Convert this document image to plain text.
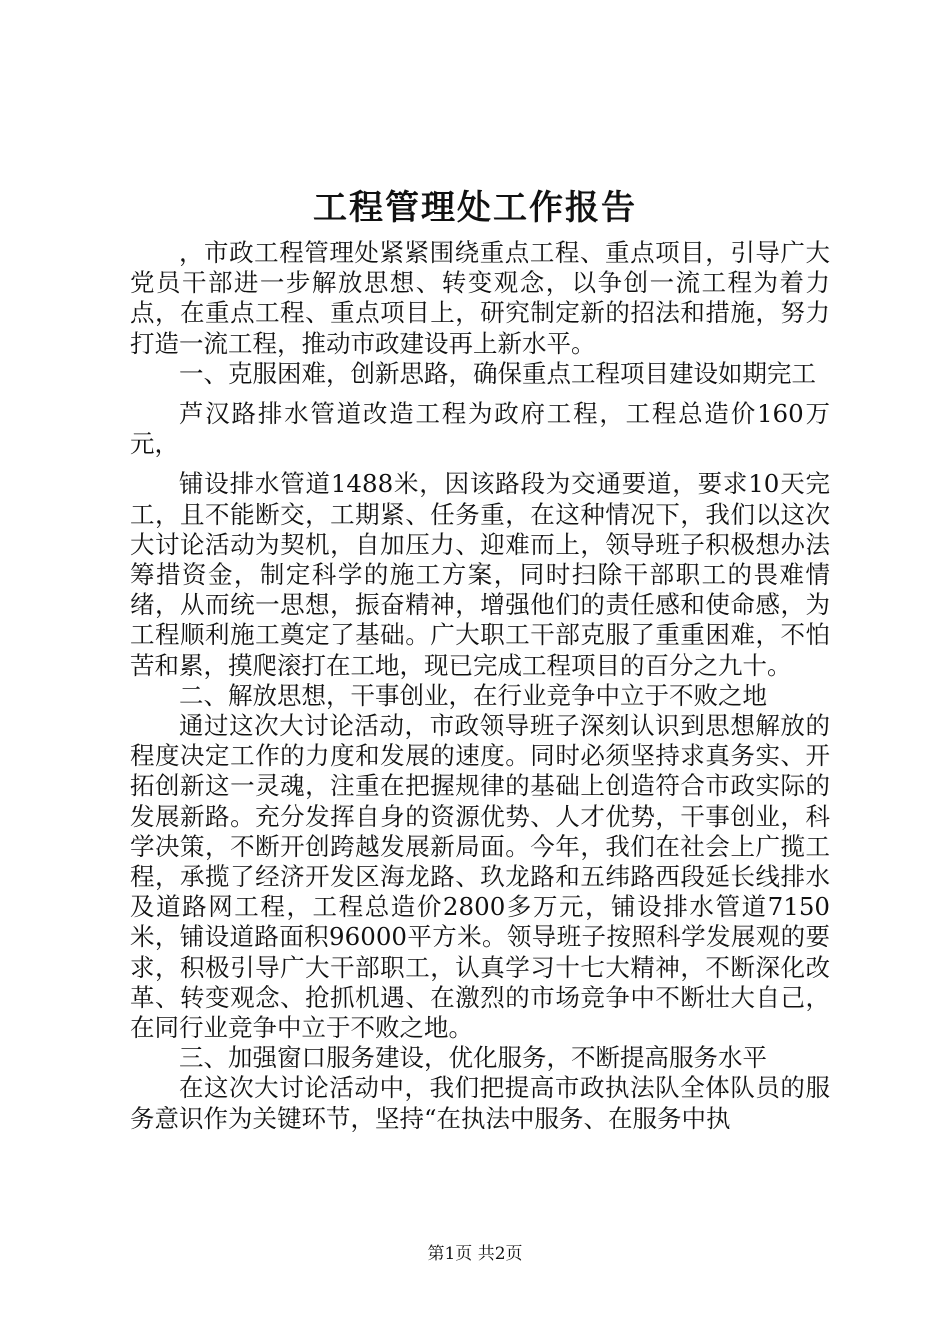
工程管理处工作报告

，市政工程管理处紧紧围绕重点工程、重点项目，引导广大党员干部进一步解放思想、转变观念，以争创一流工程为着力点，在重点工程、重点项目上，研究制定新的招法和措施，努力打造一流工程，推动市政建设再上新水平。

一、克服困难，创新思路，确保重点工程项目建设如期完工

芦汉路排水管道改造工程为政府工程，工程总造价160万元，

铺设排水管道1488米，因该路段为交通要道，要求10天完工，且不能断交，工期紧、任务重，在这种情况下，我们以这次大讨论活动为契机，自加压力、迎难而上，领导班子积极想办法筹措资金，制定科学的施工方案，同时扫除干部职工的畏难情绪，从而统一思想，振奋精神，增强他们的责任感和使命感，为工程顺利施工奠定了基础。广大职工干部克服了重重困难，不怕苦和累，摸爬滚打在工地，现已完成工程项目的百分之九十。

二、解放思想，干事创业，在行业竞争中立于不败之地

通过这次大讨论活动，市政领导班子深刻认识到思想解放的程度决定工作的力度和发展的速度。同时必须坚持求真务实、开拓创新这一灵魂，注重在把握规律的基础上创造符合市政实际的发展新路。充分发挥自身的资源优势、人才优势，干事创业，科学决策，不断开创跨越发展新局面。今年，我们在社会上广揽工程，承揽了经济开发区海龙路、玖龙路和五纬路西段延长线排水及道路网工程，工程总造价2800多万元，铺设排水管道7150米，铺设道路面积96000平方米。领导班子按照科学发展观的要求，积极引导广大干部职工，认真学习十七大精神，不断深化改革、转变观念、抢抓机遇、在激烈的市场竞争中不断壮大自己，在同行业竞争中立于不败之地。

三、加强窗口服务建设，优化服务，不断提高服务水平

在这次大讨论活动中，我们把提高市政执法队全体队员的服务意识作为关键环节，坚持“在执法中服务、在服务中执

第1页 共2页
